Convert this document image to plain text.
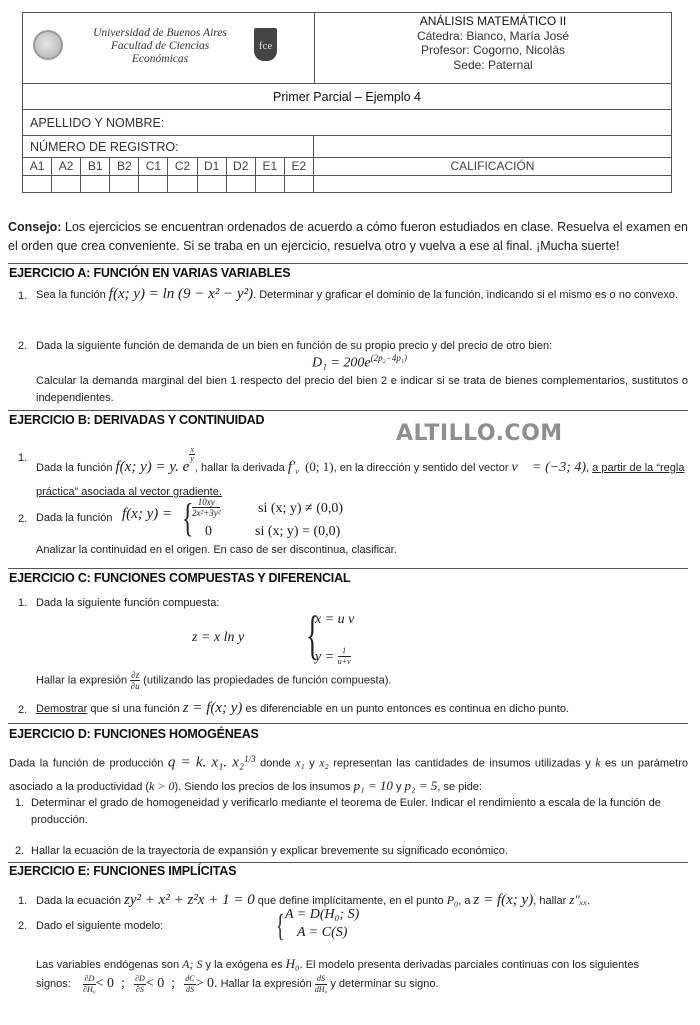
Universidad de Buenos Aires
Facultad de Ciencias
Económicas
fce
ANÁLISIS MATEMÁTICO II
Cátedra: Bianco, María José
Profesor: Cogorno, Nicolás
Sede: Paternal
Primer Parcial – Ejemplo 4
APELLIDO Y NOMBRE:
NÚMERO DE REGISTRO:
A1	A2	B1	B2	C1	C2	D1	D2	E1	E2	CALIFICACIÓN
Consejo: Los ejercicios se encuentran ordenados de acuerdo a cómo fueron estudiados en clase. Resuelva el examen en el orden que crea conveniente. Si se traba en un ejercicio, resuelva otro y vuelva a ese al final. ¡Mucha suerte!
EJERCICIO A: FUNCIÓN EN VARIAS VARIABLES
1. Sea la función f(x; y) = ln (9 − x² − y²). Determinar y graficar el dominio de la función, indicando si el mismo es o no convexo.
2. Dada la siguiente función de demanda de un bien en función de su propio precio y del precio de otro bien:
$D_1 = 200e^{(2p_2-4p_1)}$
Calcular la demanda marginal del bien 1 respecto del precio del bien 2 e indicar si se trata de bienes complementarios, sustitutos o independientes.
EJERCICIO B: DERIVADAS Y CONTINUIDAD
ALTILLO.COM
1.
Dada la función f(x; y) = y. e
$\frac{x}{y}$
, hallar la derivada $f'_{v⃗}(0$; 1), en la dirección y sentido del vector v⃗ = (−3; 4), a partir de la “regla práctica” asociada al vector gradiente.
2. Dada la función f(x; y) = {
$\frac{10xy}{\text{2x²+3y²}}$	si (x; y) ≠ (0,0)
0	si (x; y) = (0,0)
Analizar la continuidad en el origen. En caso de ser discontinua, clasificar.
EJERCICIO C: FUNCIONES COMPUESTAS Y DIFERENCIAL
1. Dada la siguiente función compuesta:
z = x ln y {
x = u v
$y = \frac{1}{u+v}$
Hallar la expresión $\frac{\partial z}{\partial u}$ (utilizando las propiedades de función compuesta).
2. Demostrar que si una función z = f(x; y) es diferenciable en un punto entonces es continua en dicho punto.
EJERCICIO D: FUNCIONES HOMOGÉNEAS
Dada la función de producción q = k. x₁. x₂$^{1/3}$ donde x₁ y x₂ representan las cantidades de insumos utilizadas y k es un parámetro asociado a la productividad (k > 0). Siendo los precios de los insumos p₁ = 10 y p₂ = 5, se pide:
1. Determinar el grado de homogeneidad y verificarlo mediante el teorema de Euler. Indicar el rendimiento a escala de la función de producción.
2. Hallar la ecuación de la trayectoria de expansión y explicar brevemente su significado económico.
EJERCICIO E: FUNCIONES IMPLÍCITAS
1. Dada la ecuación zy² + x² + z²x + 1 = 0 que define implícitamente, en el punto P₀, a z = f(x; y), hallar z″ₓₓ.
2. Dado el siguiente modelo:	{ A = D(H₀; S)
A = C(S)
Las variables endógenas son A; S y la exógena es H₀. El modelo presenta derivadas parciales continuas con los siguientes
signos: $\frac{\partial D}{\text{∂H₀}} < 0$  ; $\frac{\partial D}{\partial S} < 0$  ; $\frac{dC}{dS} > 0$. Hallar la expresión $\frac{dS}{\text{dH₀}}$ y determinar su signo.
